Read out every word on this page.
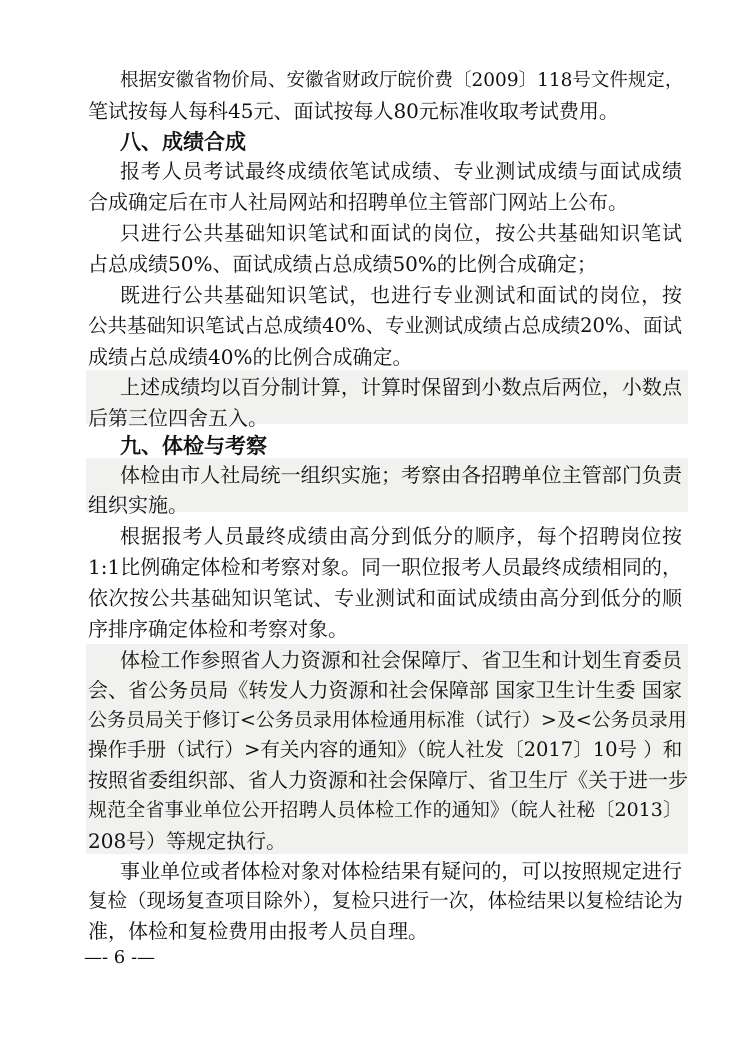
根据安徽省物价局、安徽省财政厅皖价费〔2009〕118号文件规定，
笔试按每人每科45元、面试按每人80元标准收取考试费用。
八、成绩合成
报考人员考试最终成绩依笔试成绩、专业测试成绩与面试成绩
合成确定后在市人社局网站和招聘单位主管部门网站上公布。
只进行公共基础知识笔试和面试的岗位，按公共基础知识笔试
占总成绩50%、面试成绩占总成绩50%的比例合成确定；
既进行公共基础知识笔试，也进行专业测试和面试的岗位，按
公共基础知识笔试占总成绩40%、专业测试成绩占总成绩20%、面试
成绩占总成绩40%的比例合成确定。
上述成绩均以百分制计算，计算时保留到小数点后两位，小数点
后第三位四舍五入。
九、体检与考察
体检由市人社局统一组织实施；考察由各招聘单位主管部门负责
组织实施。
根据报考人员最终成绩由高分到低分的顺序，每个招聘岗位按
1:1比例确定体检和考察对象。同一职位报考人员最终成绩相同的，
依次按公共基础知识笔试、专业测试和面试成绩由高分到低分的顺
序排序确定体检和考察对象。
体检工作参照省人力资源和社会保障厅、省卫生和计划生育委员
会、省公务员局《转发人力资源和社会保障部 国家卫生计生委 国家
公务员局关于修订<公务员录用体检通用标准（试行）>及<公务员录用
操作手册（试行）>有关内容的通知》（皖人社发〔2017〕10号 ）和
按照省委组织部、省人力资源和社会保障厅、省卫生厅《关于进一步
规范全省事业单位公开招聘人员体检工作的通知》（皖人社秘〔2013〕
208号）等规定执行。
事业单位或者体检对象对体检结果有疑问的，可以按照规定进行
复检（现场复查项目除外），复检只进行一次，体检结果以复检结论为
准，体检和复检费用由报考人员自理。
—- 6 -—
